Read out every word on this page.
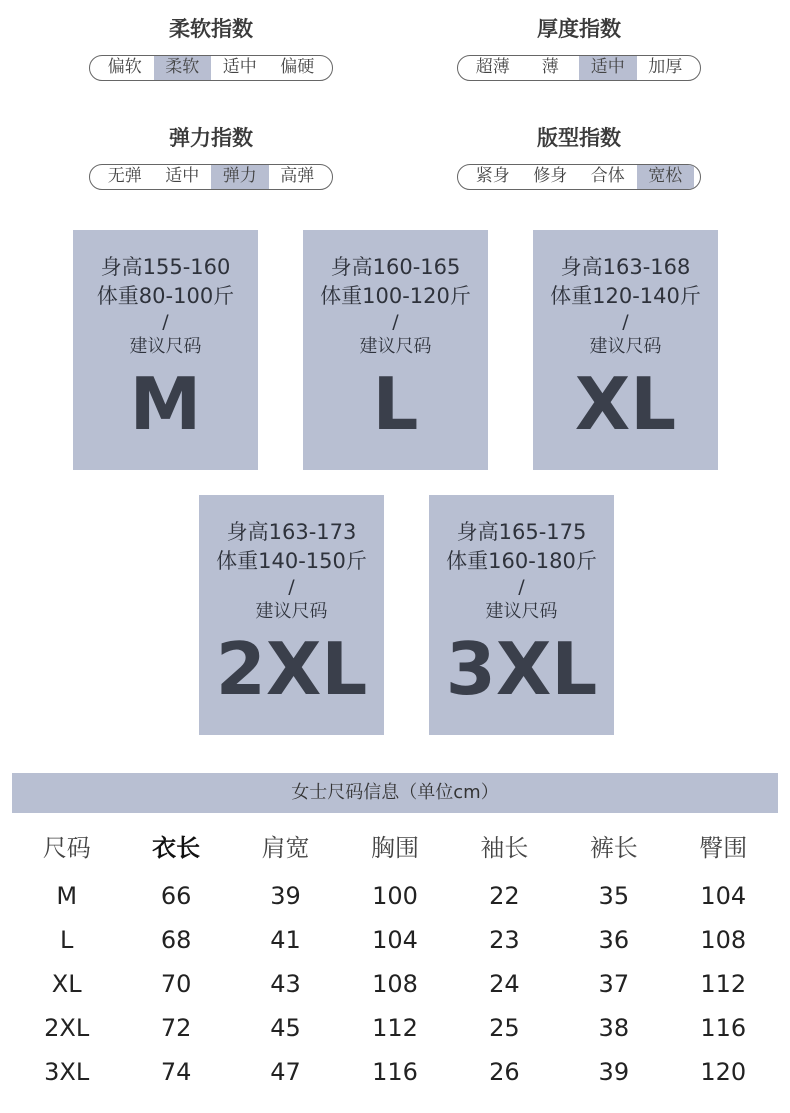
柔软指数
偏软	柔软	适中	偏硬
厚度指数
超薄	薄	适中	加厚
弹力指数
无弹	适中	弹力	高弹
版型指数
紧身	修身	合体	宽松
身高155-160
体重80-100斤
/
建议尺码
M
身高160-165
体重100-120斤
/
建议尺码
L
身高163-168
体重120-140斤
/
建议尺码
XL
身高163-173
体重140-150斤
/
建议尺码
2XL
身高165-175
体重160-180斤
/
建议尺码
3XL
女士尺码信息（单位cm）
尺码	衣长	肩宽	胸围	袖长	裤长	臀围
M	66	39	100	22	35	104
L	68	41	104	23	36	108
XL	70	43	108	24	37	112
2XL	72	45	112	25	38	116
3XL	74	47	116	26	39	120
